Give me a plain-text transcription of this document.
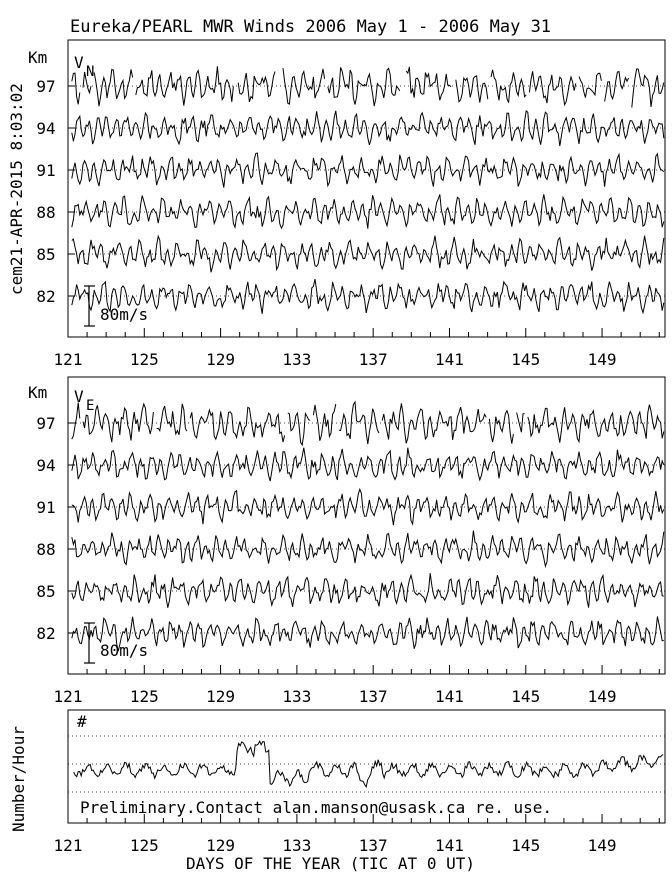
Eureka/PEARL MWR Winds 2006 May 1 - 2006 May 31
cem21-APR-2015 8:03:02
Km V N
80m/s
97
94
91
88
85
82
121	125	129	133	137	141	145	149
Km V E
80m/s
97
94
91
88
85
82
121	125	129	133	137	141	145	149
Number/Hour
#
Preliminary.Contact alan.manson@usask.ca re. use.
DAYS OF THE YEAR (TIC AT 0 UT)
121	125	129	133	137	141	145	149
